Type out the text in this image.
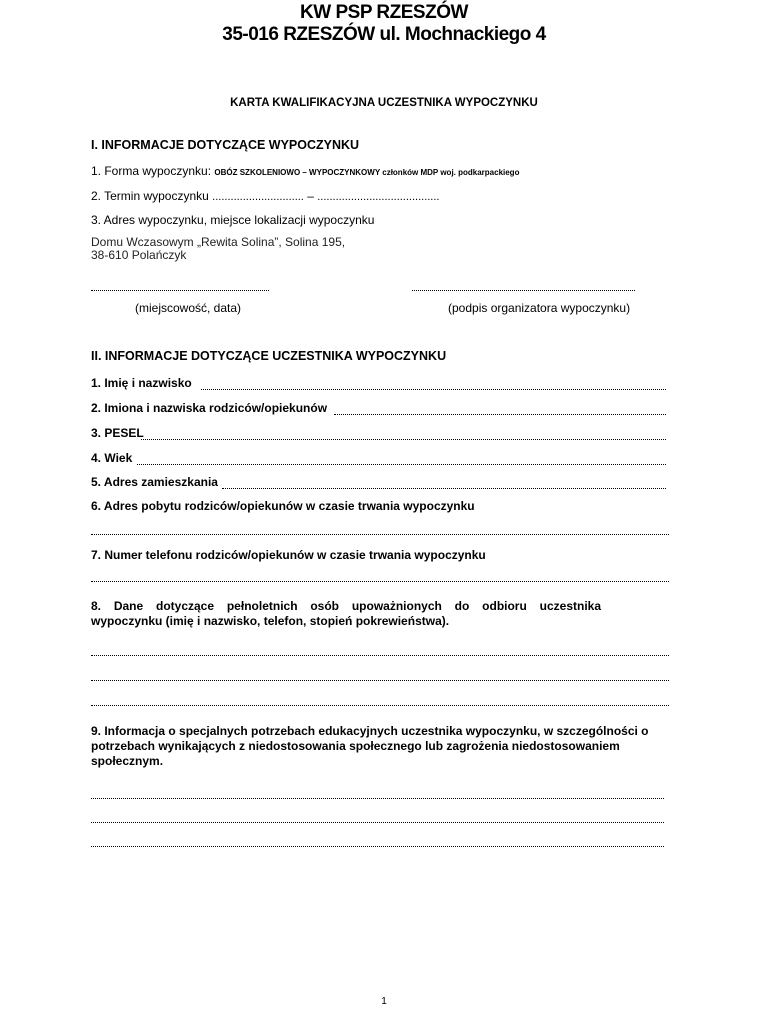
KW PSP RZESZÓW
35-016 RZESZÓW ul. Mochnackiego 4
KARTA KWALIFIKACYJNA UCZESTNIKA WYPOCZYNKU
I. INFORMACJE DOTYCZĄCE WYPOCZYNKU
1. Forma wypoczynku: OBÓZ SZKOLENIOWO – WYPOCZYNKOWY członków MDP woj. podkarpackiego
2. Termin wypoczynku .............................. – ........................................
3. Adres wypoczynku, miejsce lokalizacji wypoczynku
Domu Wczasowym „Rewita Solina”, Solina 195,
38-610 Polańczyk
(miejscowość, data)	(podpis organizatora wypoczynku)
II. INFORMACJE DOTYCZĄCE UCZESTNIKA WYPOCZYNKU
1. Imię i nazwisko
2. Imiona i nazwiska rodziców/opiekunów
3. PESEL
4. Wiek
5. Adres zamieszkania
6. Adres pobytu rodziców/opiekunów w czasie trwania wypoczynku
7. Numer telefonu rodziców/opiekunów w czasie trwania wypoczynku
8. Dane dotyczące pełnoletnich osób upoważnionych do odbioru uczestnika
wypoczynku (imię i nazwisko, telefon, stopień pokrewieństwa).
9. Informacja o specjalnych potrzebach edukacyjnych uczestnika wypoczynku, w szczególności o potrzebach wynikających z niedostosowania społecznego lub zagrożenia niedostosowaniem społecznym.
1
